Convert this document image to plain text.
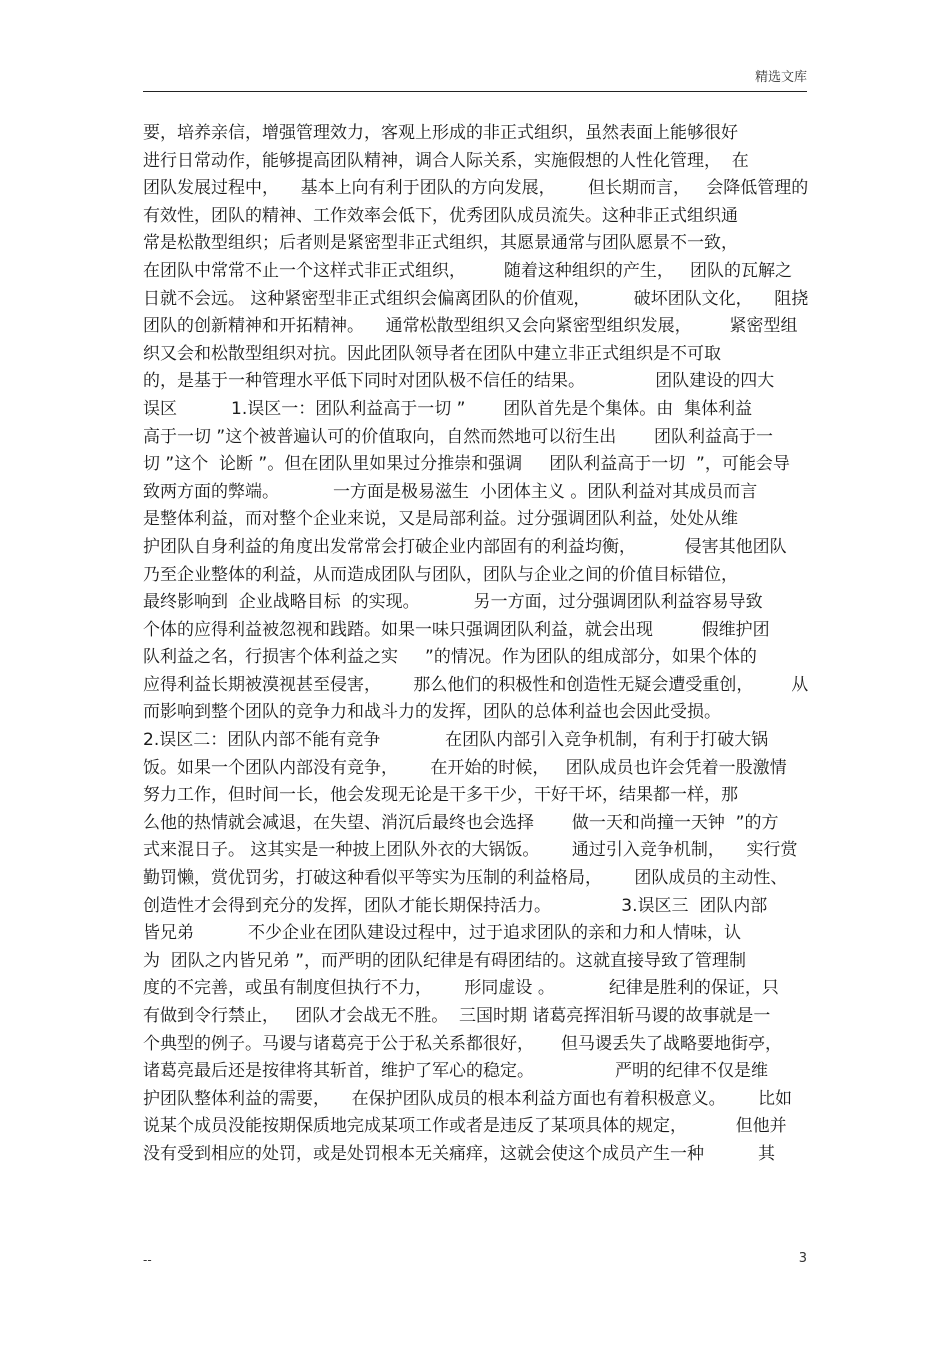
精选文库
要，培养亲信，增强管理效力，客观上形成的非正式组织，虽然表面上能够很好
进行日常动作，能够提高团队精神，调合人际关系，实施假想的人性化管理，  在
团队发展过程中，    基本上向有利于团队的方向发展，      但长期而言，   会降低管理的
有效性，团队的精神、工作效率会低下，优秀团队成员流失。这种非正式组织通
常是松散型组织；后者则是紧密型非正式组织，其愿景通常与团队愿景不一致，
在团队中常常不止一个这样式非正式组织，       随着这种组织的产生，   团队的瓦解之
日就不会远。 这种紧密型非正式组织会偏离团队的价值观，        破坏团队文化，    阻挠
团队的创新精神和开拓精神。    通常松散型组织又会向紧密型组织发展，       紧密型组
织又会和松散型组织对抗。因此团队领导者在团队中建立非正式组织是不可取
的，是基于一种管理水平低下同时对团队极不信任的结果。             团队建设的四大
误区          1.误区一：团队利益高于一切 ”       团队首先是个集体。由  集体利益
高于一切 ”这个被普遍认可的价值取向，自然而然地可以衍生出       团队利益高于一
切 ”这个  论断 ”。但在团队里如果过分推崇和强调     团队利益高于一切  ”，可能会导
致两方面的弊端。          一方面是极易滋生  小团体主义 。团队利益对其成员而言
是整体利益，而对整个企业来说，又是局部利益。过分强调团队利益，处处从维
护团队自身利益的角度出发常常会打破企业内部固有的利益均衡，         侵害其他团队
乃至企业整体的利益，从而造成团队与团队，团队与企业之间的价值目标错位，
最终影响到  企业战略目标  的实现。          另一方面，过分强调团队利益容易导致
个体的应得利益被忽视和践踏。如果一味只强调团队利益，就会出现         假维护团
队利益之名，行损害个体利益之实     ”的情况。作为团队的组成部分，如果个体的
应得利益长期被漠视甚至侵害，      那么他们的积极性和创造性无疑会遭受重创，       从
而影响到整个团队的竞争力和战斗力的发挥，团队的总体利益也会因此受损。
2.误区二：团队内部不能有竞争            在团队内部引入竞争机制，有利于打破大锅
饭。如果一个团队内部没有竞争，      在开始的时候，   团队成员也许会凭着一股激情
努力工作，但时间一长，他会发现无论是干多干少，干好干坏，结果都一样，那
么他的热情就会减退，在失望、消沉后最终也会选择       做一天和尚撞一天钟  ”的方
式来混日子。 这其实是一种披上团队外衣的大锅饭。      通过引入竞争机制，    实行赏
勤罚懒，赏优罚劣，打破这种看似平等实为压制的利益格局，      团队成员的主动性、
创造性才会得到充分的发挥，团队才能长期保持活力。             3.误区三  团队内部
皆兄弟          不少企业在团队建设过程中，过于追求团队的亲和力和人情味，认
为  团队之内皆兄弟 ”，而严明的团队纪律是有碍团结的。这就直接导致了管理制
度的不完善，或虽有制度但执行不力，      形同虚设 。          纪律是胜利的保证，只
有做到令行禁止，   团队才会战无不胜。  三国时期 诸葛亮挥泪斩马谡的故事就是一
个典型的例子。马谡与诸葛亮于公于私关系都很好，     但马谡丢失了战略要地街亭，
诸葛亮最后还是按律将其斩首，维护了军心的稳定。               严明的纪律不仅是维
护团队整体利益的需要，    在保护团队成员的根本利益方面也有着积极意义。      比如
说某个成员没能按期保质地完成某项工作或者是违反了某项具体的规定，         但他并
没有受到相应的处罚，或是处罚根本无关痛痒，这就会使这个成员产生一种          其
--	3
